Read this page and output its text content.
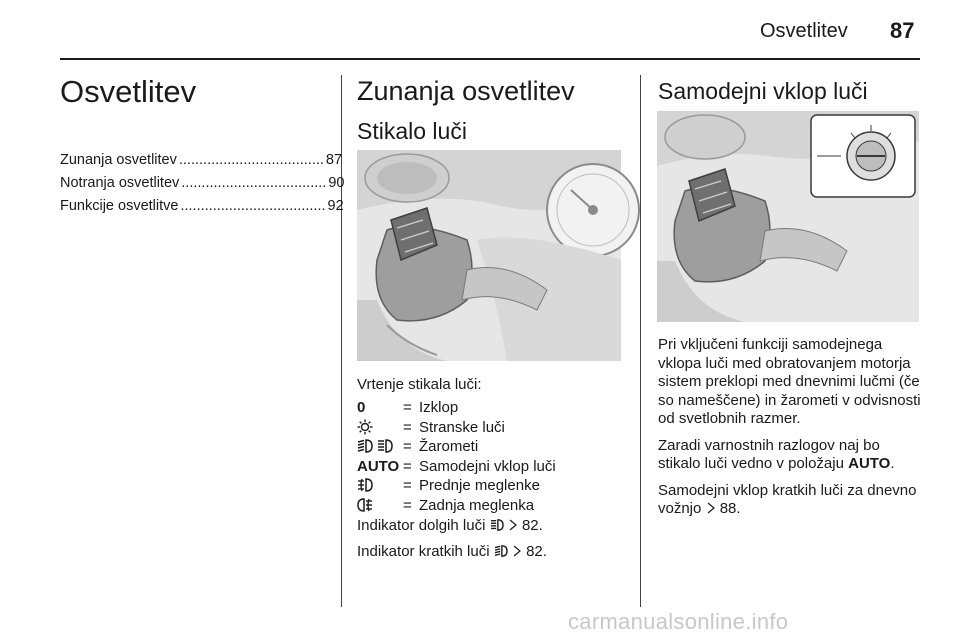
Osvetlitev 87
Osvetlitev
Zunanja osvetlitev .................................... 87
Notranja osvetlitev .................................... 90
Funkcije osvetlitve .................................... 92
Zunanja osvetlitev
Stikalo luči
Vrtenje stikala luči:
0	=	Izklop
	=	Stranske luči
	=	Žarometi
AUTO	=	Samodejni vklop luči
	=	Prednje meglenke
	=	Zadnja meglenka
Indikator dolgih luči 82.
Indikator kratkih luči 82.
Samodejni vklop luči

Pri vključeni funkciji samodejnega vklopa luči med obratovanjem motorja sistem preklopi med dnevnimi lučmi (če so nameščene) in žarometi v odvisnosti od svetlobnih razmer.

Zaradi varnostnih razlogov naj bo stikalo luči vedno v položaju AUTO.

Samodejni vklop kratkih luči za dnevno vožnjo 88.

carmanualsonline.info
